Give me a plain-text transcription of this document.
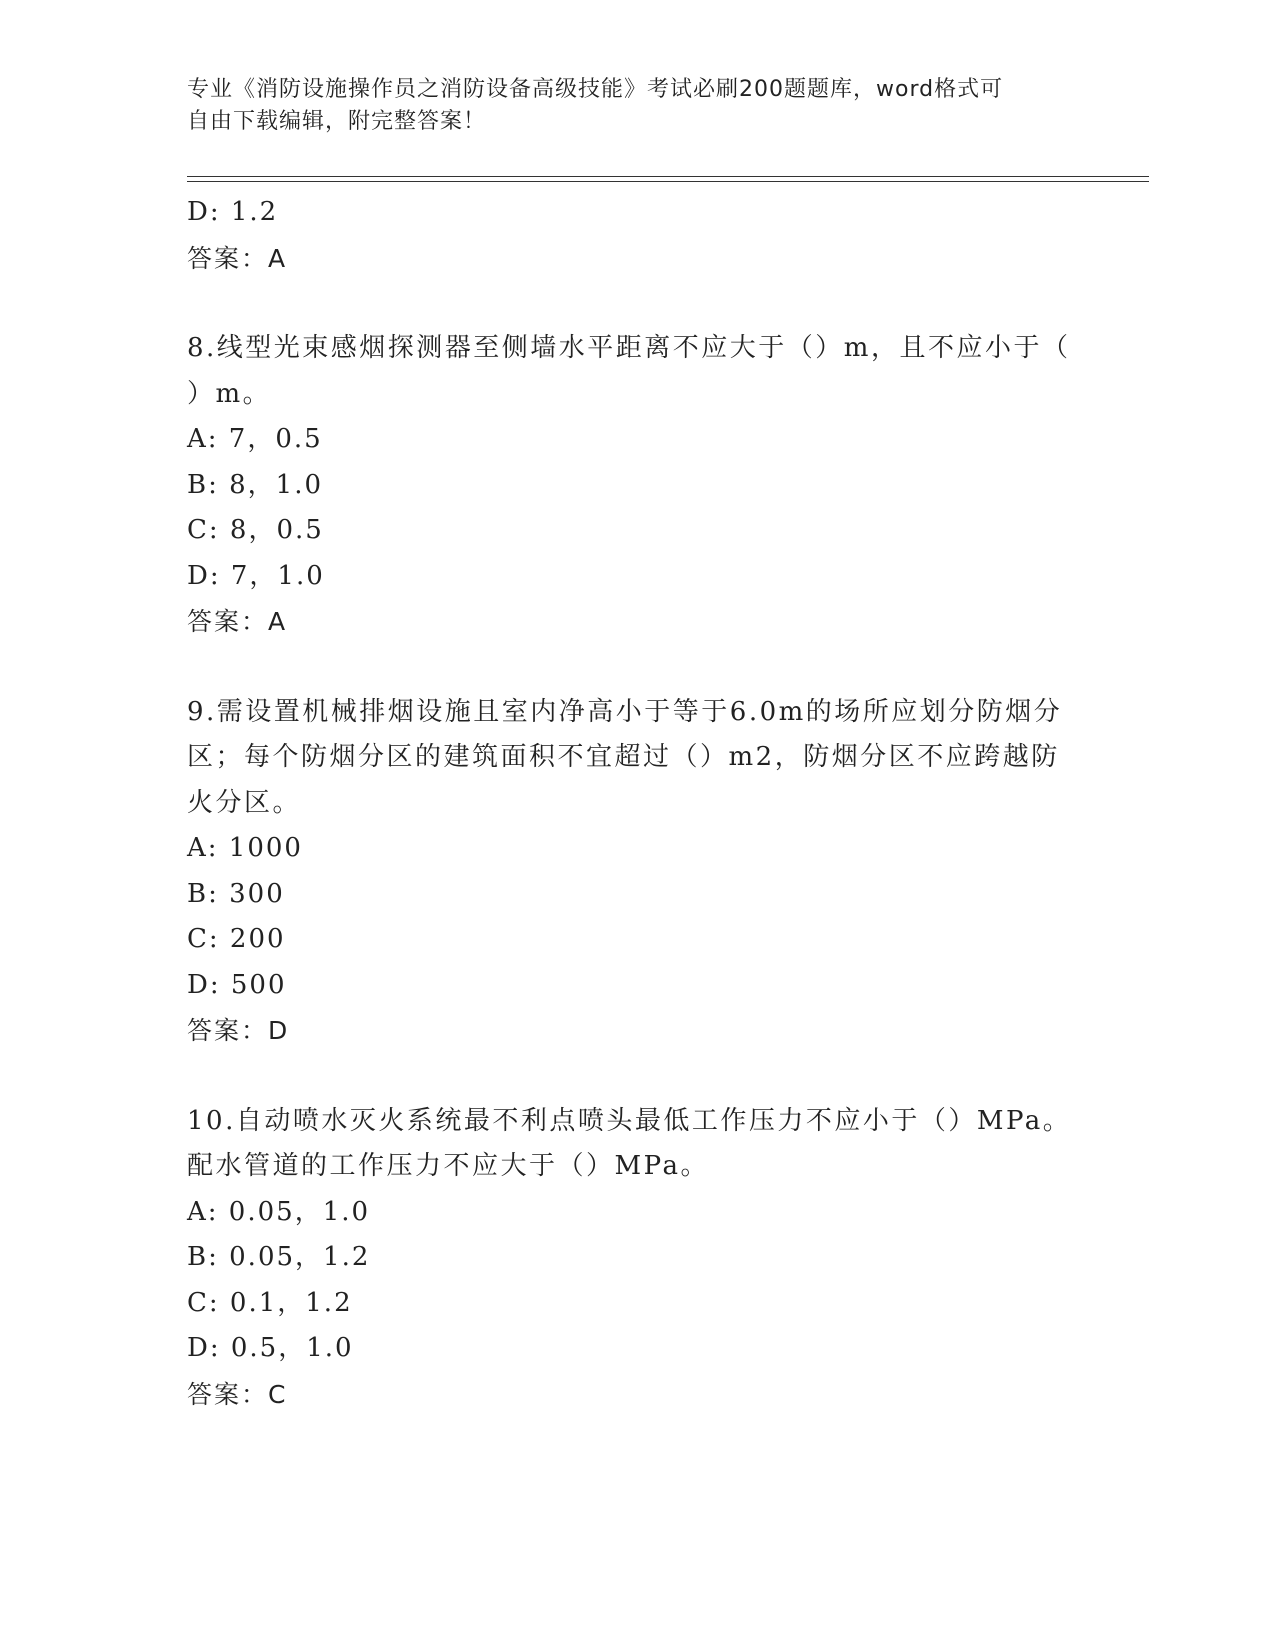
专业《消防设施操作员之消防设备高级技能》考试必刷200题题库，word格式可
自由下载编辑，附完整答案！
D: 1.2
答案：A
8.线型光束感烟探测器至侧墙水平距离不应大于（）m，且不应小于（
）m。
A: 7，0.5
B: 8，1.0
C: 8，0.5
D: 7，1.0
答案：A
9.需设置机械排烟设施且室内净高小于等于6.0m的场所应划分防烟分
区；每个防烟分区的建筑面积不宜超过（）m2，防烟分区不应跨越防
火分区。
A: 1000
B: 300
C: 200
D: 500
答案：D
10.自动喷水灭火系统最不利点喷头最低工作压力不应小于（）MPa。
配水管道的工作压力不应大于（）MPa。
A: 0.05，1.0
B: 0.05，1.2
C: 0.1，1.2
D: 0.5，1.0
答案：C
